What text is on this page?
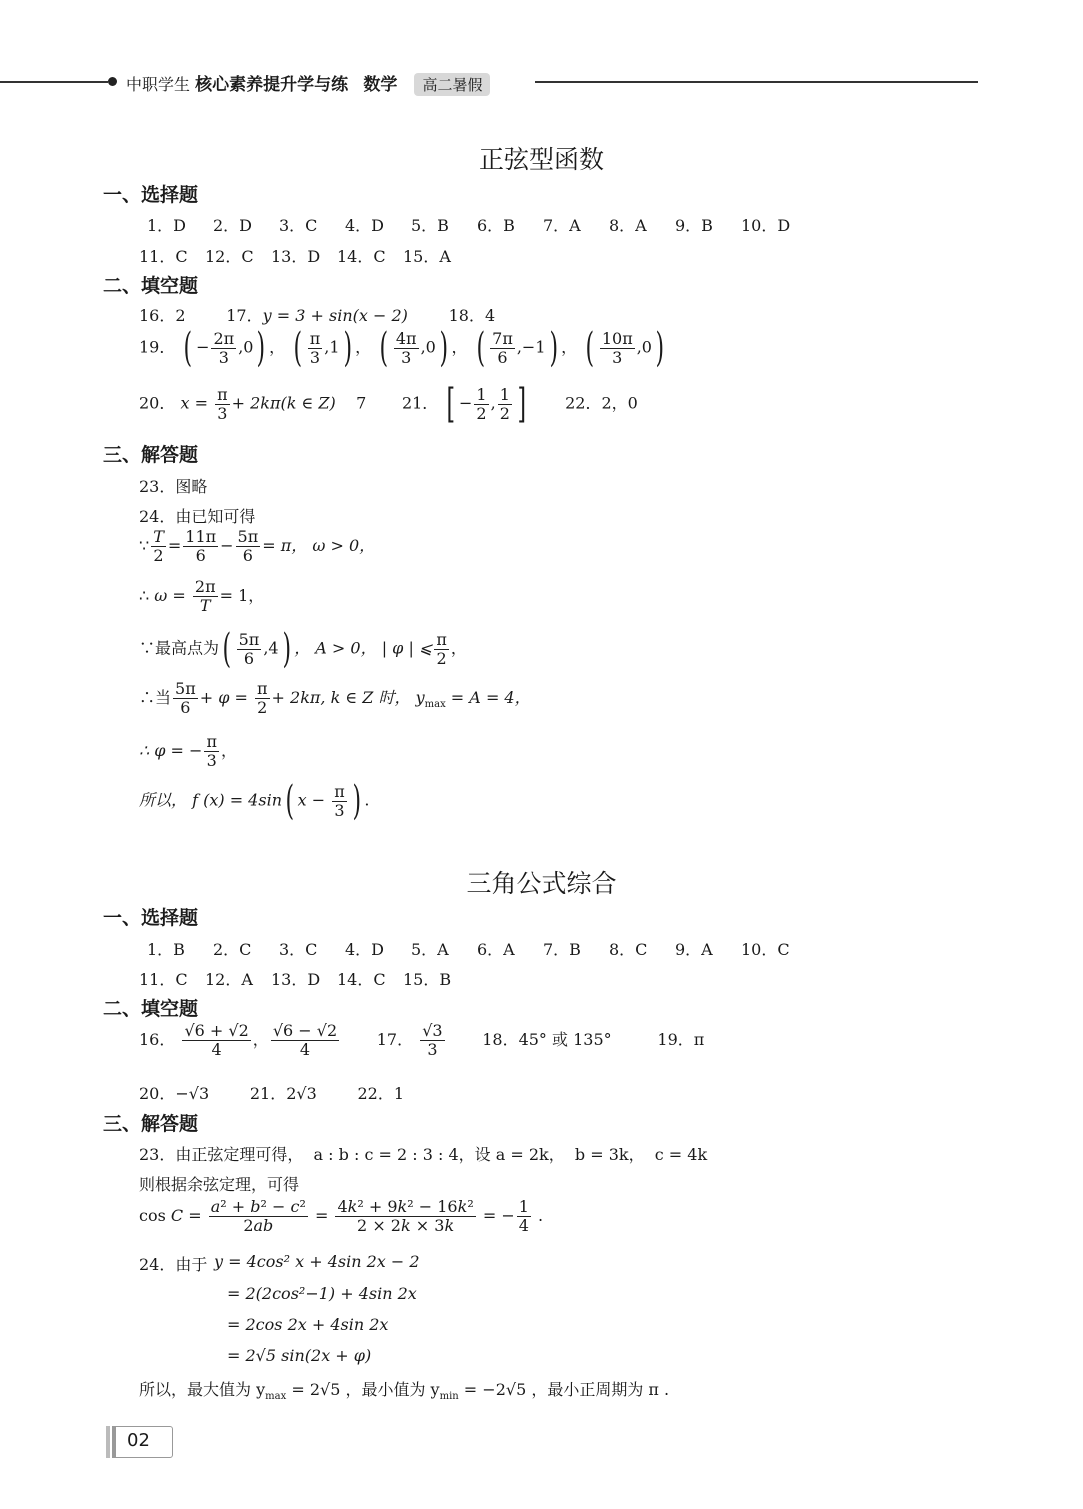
中职学生 核心素养提升学与练 数学 高二暑假
正弦型函数
一、选择题
1．D 2．D 3．C 4．D 5．B 6．B 7．A 8．A 9．B 10．D
11．C 12．C 13．D 14．C 15．A
二、填空题
16．2	17．y = 3 + sin(x − 2)	18．4
19． ( − $\frac{2\pi}{3} ,0$) ， ( $\frac{\pi}{3} ,1$) ， ( $\frac{4\pi}{3} ,0$) ， ( $\frac{7\pi}{6} ,-1$) ， ( $\frac{10\pi}{3} ,0$)
20． $x = \frac{\pi}{3} + 2k\pi(k$ ∈ Z) 7 21． [ − $\frac{1}{2}$ , $\frac{1}{2}$ ] 22．2，0
三、解答题
23．图略
24．由已知可得
∵ $\frac{T}{2} = \frac{11\pi}{6} - \frac{5\pi}{6} = \pi$， ω > 0，
∴ $\omega = \frac{2\pi}{T} = 1$，
∵最高点为( $\frac{5\pi}{6} ,4$) ， A > 0， | φ | ⩽ $\frac{\pi}{2}$ ，
∴当 $\frac{5\pi}{6} + \varphi = \frac{\pi}{2} + 2k\pi$, k ∈ Z 时， $y_{max} = A = 4$，
∴ φ = − $\frac{\pi}{3}$ ，
所以， f (x) = 4sin( $x - \frac{\pi}{3}$ ) .
三角公式综合
一、选择题
1．B 2．C 3．C 4．D 5．A 6．A 7．B 8．C 9．A 10．C
11．C 12．A 13．D 14．C 15．B
二、填空题
16． $\frac{√6 + √2}{4}$ ， $\frac{√6 - √2}{4} 17$． $\frac{√3}{3} 18$．45° 或 135°	19．π
20．−√3	21．2√3	22．1
三、解答题
23．由正弦定理可得，  a : b : c = 2 : 3 : 4，设 a = 2k，  b = 3k，  c = 4k
则根据余弦定理，可得
$\cos C = \frac{\text{a² + b² − c²}}{2ab} = \frac{\text{4k² + 9k² − 16k²}}{2 \times 2k \times 3k}$ = − $\frac{1}{4}$ .
24．由于 y = 4cos² x + 4sin 2x − 2
= 2(2cos²−1) + 4sin 2x
= 2cos 2x + 4sin 2x
= 2√5 sin(2x + φ)
所以，最大值为 $y_{max} = 2√5$ ，最小值为 $y_{min} = -2√5$ ，最小正周期为 π .
02
